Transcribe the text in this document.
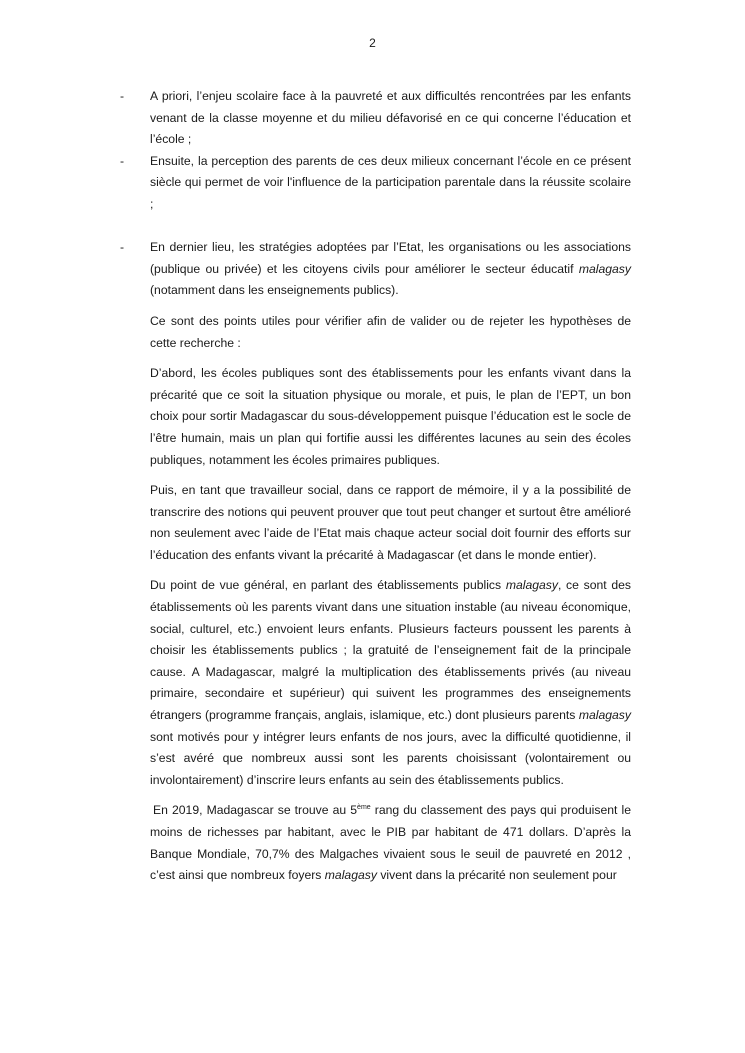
2

- A priori, l’enjeu scolaire face à la pauvreté et aux difficultés rencontrées par les enfants venant de la classe moyenne et du milieu défavorisé en ce qui concerne l’éducation et l’école ;

- Ensuite, la perception des parents de ces deux milieux concernant l’école en ce présent siècle qui permet de voir l'influence de la participation parentale dans la réussite scolaire ;

- En dernier lieu, les stratégies adoptées par l’Etat, les organisations ou les associations (publique ou privée) et les citoyens civils pour améliorer le secteur éducatif malagasy (notamment dans les enseignements publics).

Ce sont des points utiles pour vérifier afin de valider ou de rejeter les hypothèses de cette recherche :

D’abord, les écoles publiques sont des établissements pour les enfants vivant dans la précarité que ce soit la situation physique ou morale, et puis, le plan de l’EPT, un bon choix pour sortir Madagascar du sous-développement puisque l’éducation est le socle de l’être humain, mais un plan qui fortifie aussi les différentes lacunes au sein des écoles publiques, notamment les écoles primaires publiques.

Puis, en tant que travailleur social, dans ce rapport de mémoire, il y a la possibilité de transcrire des notions qui peuvent prouver que tout peut changer et surtout être amélioré non seulement avec l’aide de l’Etat mais chaque acteur social doit fournir des efforts sur l’éducation des enfants vivant la précarité à Madagascar (et dans le monde entier).

Du point de vue général, en parlant des établissements publics malagasy, ce sont des établissements où les parents vivant dans une situation instable (au niveau économique, social, culturel, etc.) envoient leurs enfants. Plusieurs facteurs poussent les parents à choisir les établissements publics ; la gratuité de l’enseignement fait de la principale cause. A Madagascar, malgré la multiplication des établissements privés (au niveau primaire, secondaire et supérieur) qui suivent les programmes des enseignements étrangers (programme français, anglais, islamique, etc.) dont plusieurs parents malagasy sont motivés pour y intégrer leurs enfants de nos jours, avec la difficulté quotidienne, il s’est avéré que nombreux aussi sont les parents choisissant (volontairement ou involontairement) d’inscrire leurs enfants au sein des établissements publics.

En 2019, Madagascar se trouve au 5ème rang du classement des pays qui produisent le moins de richesses par habitant, avec le PIB par habitant de 471 dollars. D’après la Banque Mondiale, 70,7% des Malgaches vivaient sous le seuil de pauvreté en 2012 , c’est ainsi que nombreux foyers malagasy vivent dans la précarité non seulement pour
